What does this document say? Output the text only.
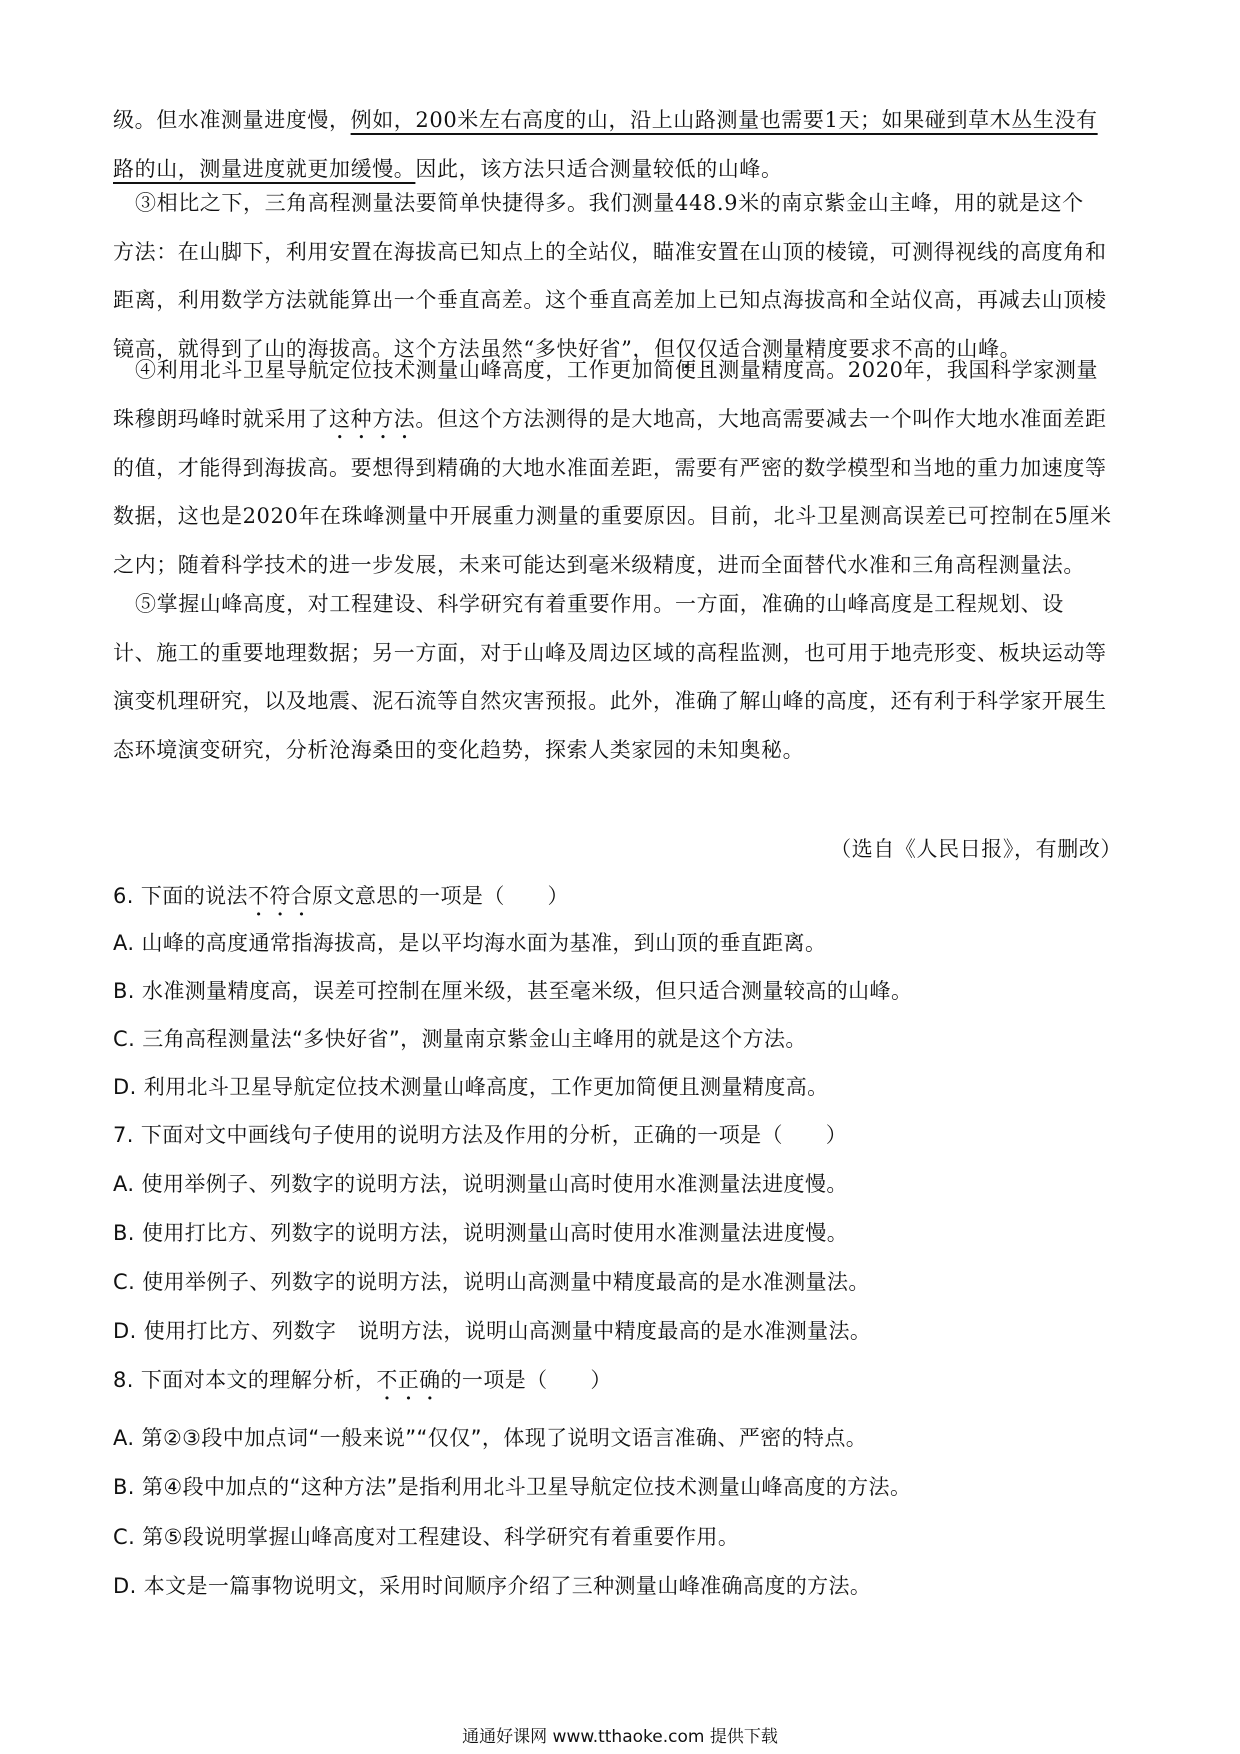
级。但水准测量进度慢，例如，200米左右高度的山，沿上山路测量也需要1天；如果碰到草木丛生没有
路的山，测量进度就更加缓慢。因此，该方法只适合测量较低的山峰。

③相比之下，三角高程测量法要简单快捷得多。我们测量448.9米的南京紫金山主峰，用的就是这个
方法：在山脚下，利用安置在海拔高已知点上的全站仪，瞄准安置在山顶的棱镜，可测得视线的高度角和
距离，利用数学方法就能算出一个垂直高差。这个垂直高差加上已知点海拔高和全站仪高，再减去山顶棱
镜高，就得到了山的海拔高。这个方法虽然“多快好省”，但仅仅适合测量精度要求不高的山峰。

④利用北斗卫星导航定位技术测量山峰高度，工作更加简便且测量精度高。2020年，我国科学家测量
珠穆朗玛峰时就采用了这种方法。但这个方法测得的是大地高，大地高需要减去一个叫作大地水准面差距
的值，才能得到海拔高。要想得到精确的大地水准面差距，需要有严密的数学模型和当地的重力加速度等
数据，这也是2020年在珠峰测量中开展重力测量的重要原因。目前，北斗卫星测高误差已可控制在5厘米
之内；随着科学技术的进一步发展，未来可能达到毫米级精度，进而全面替代水准和三角高程测量法。

⑤掌握山峰高度，对工程建设、科学研究有着重要作用。一方面，准确的山峰高度是工程规划、设
计、施工的重要地理数据；另一方面，对于山峰及周边区域的高程监测，也可用于地壳形变、板块运动等
演变机理研究，以及地震、泥石流等自然灾害预报。此外，准确了解山峰的高度，还有利于科学家开展生
态环境演变研究，分析沧海桑田的变化趋势，探索人类家园的未知奥秘。

（选自《人民日报》，有删改）

6. 下面的说法不符合原文意思的一项是（　　）

A. 山峰的高度通常指海拔高，是以平均海水面为基准，到山顶的垂直距离。

B. 水准测量精度高，误差可控制在厘米级，甚至毫米级，但只适合测量较高的山峰。

C. 三角高程测量法“多快好省”，测量南京紫金山主峰用的就是这个方法。

D. 利用北斗卫星导航定位技术测量山峰高度，工作更加简便且测量精度高。

7. 下面对文中画线句子使用的说明方法及作用的分析，正确的一项是（　　）

A. 使用举例子、列数字的说明方法，说明测量山高时使用水准测量法进度慢。

B. 使用打比方、列数字的说明方法，说明测量山高时使用水准测量法进度慢。

C. 使用举例子、列数字的说明方法，说明山高测量中精度最高的是水准测量法。

D. 使用打比方、列数字　说明方法，说明山高测量中精度最高的是水准测量法。

8. 下面对本文的理解分析，不正确的一项是（　　）

A. 第②③段中加点词“一般来说”“仅仅”，体现了说明文语言准确、严密的特点。

B. 第④段中加点的“这种方法”是指利用北斗卫星导航定位技术测量山峰高度的方法。

C. 第⑤段说明掌握山峰高度对工程建设、科学研究有着重要作用。

D. 本文是一篇事物说明文，采用时间顺序介绍了三种测量山峰准确高度的方法。

通通好课网 www.tthaoke.com 提供下载
